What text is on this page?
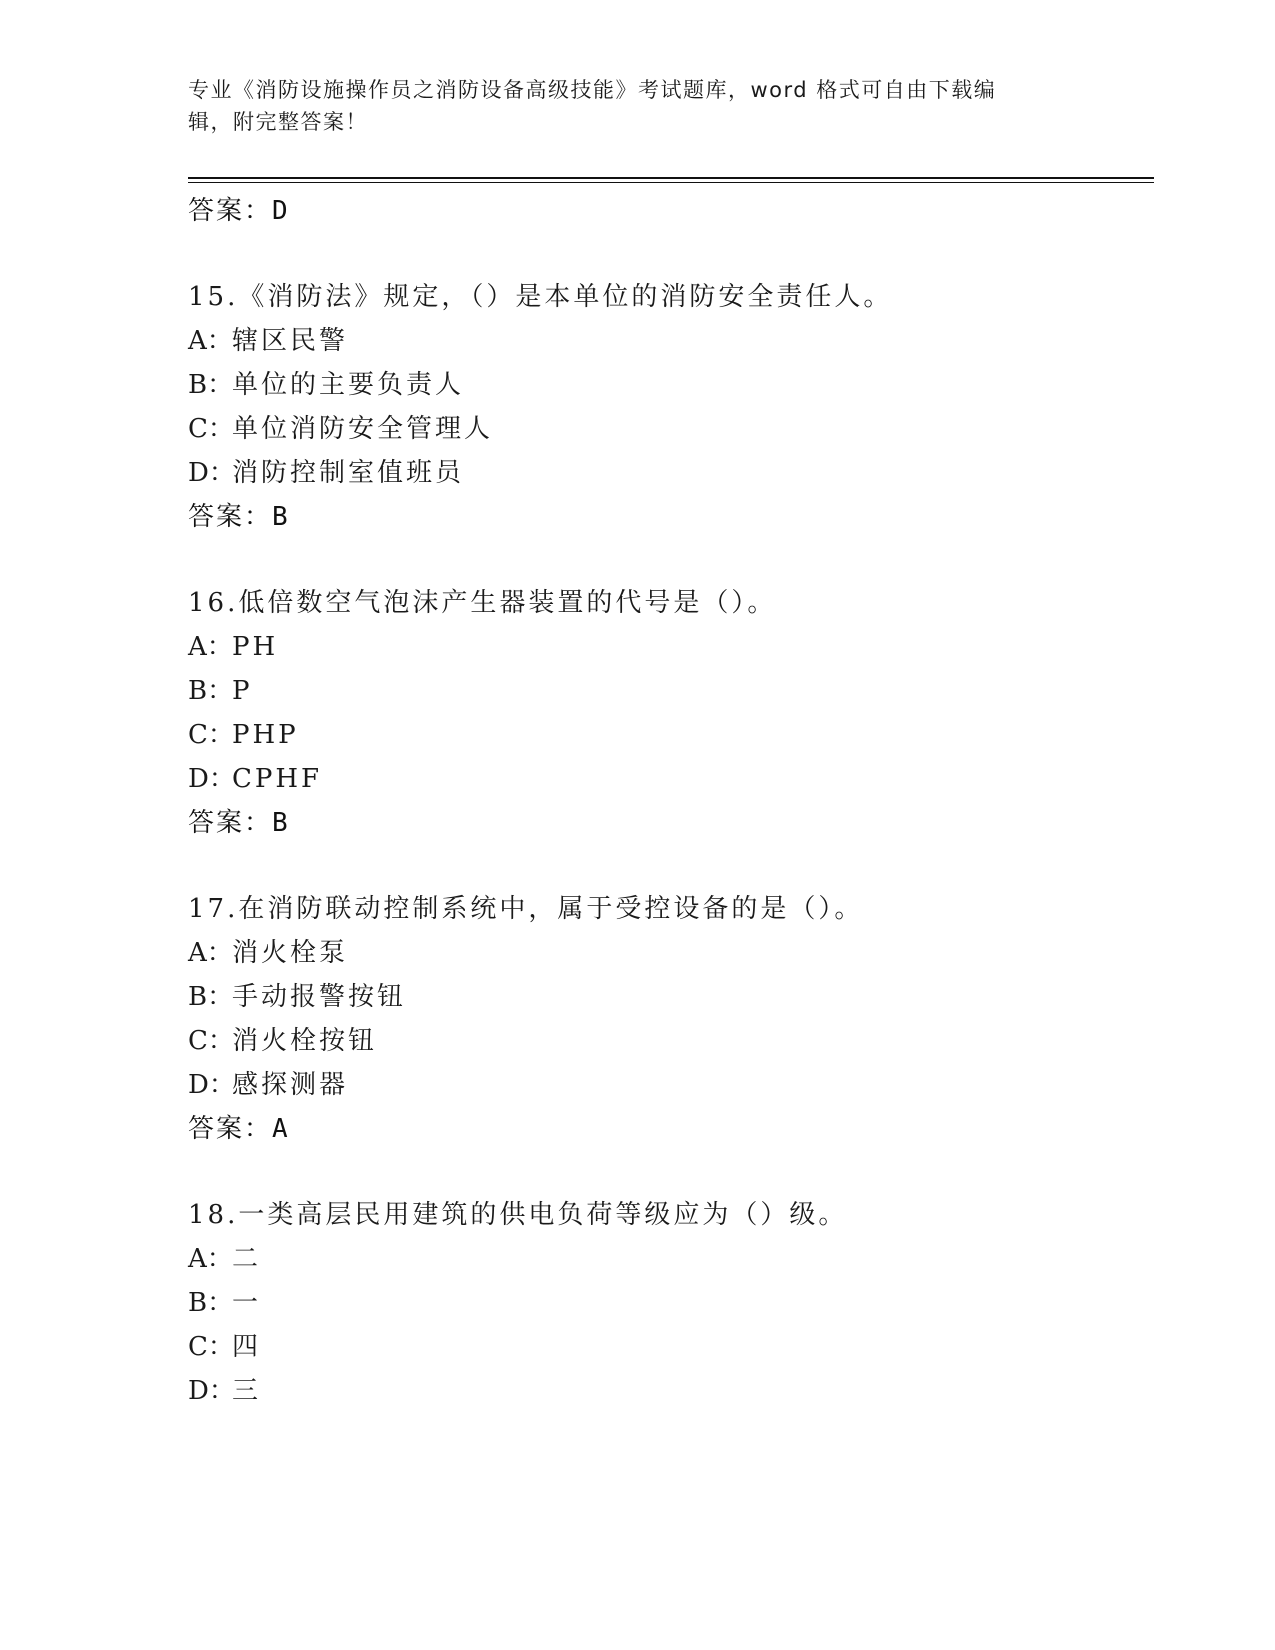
专业《消防设施操作员之消防设备高级技能》考试题库，word 格式可自由下载编
辑，附完整答案！
答案：D
15.《消防法》规定，（）是本单位的消防安全责任人。
A：辖区民警
B：单位的主要负责人
C：单位消防安全管理人
D：消防控制室值班员
答案：B
16.低倍数空气泡沫产生器装置的代号是（）。
A：PH
B：P
C：PHP
D：CPHF
答案：B
17.在消防联动控制系统中，属于受控设备的是（）。
A：消火栓泵
B：手动报警按钮
C：消火栓按钮
D：感探测器
答案：A
18.一类高层民用建筑的供电负荷等级应为（）级。
A：二
B：一
C：四
D：三
